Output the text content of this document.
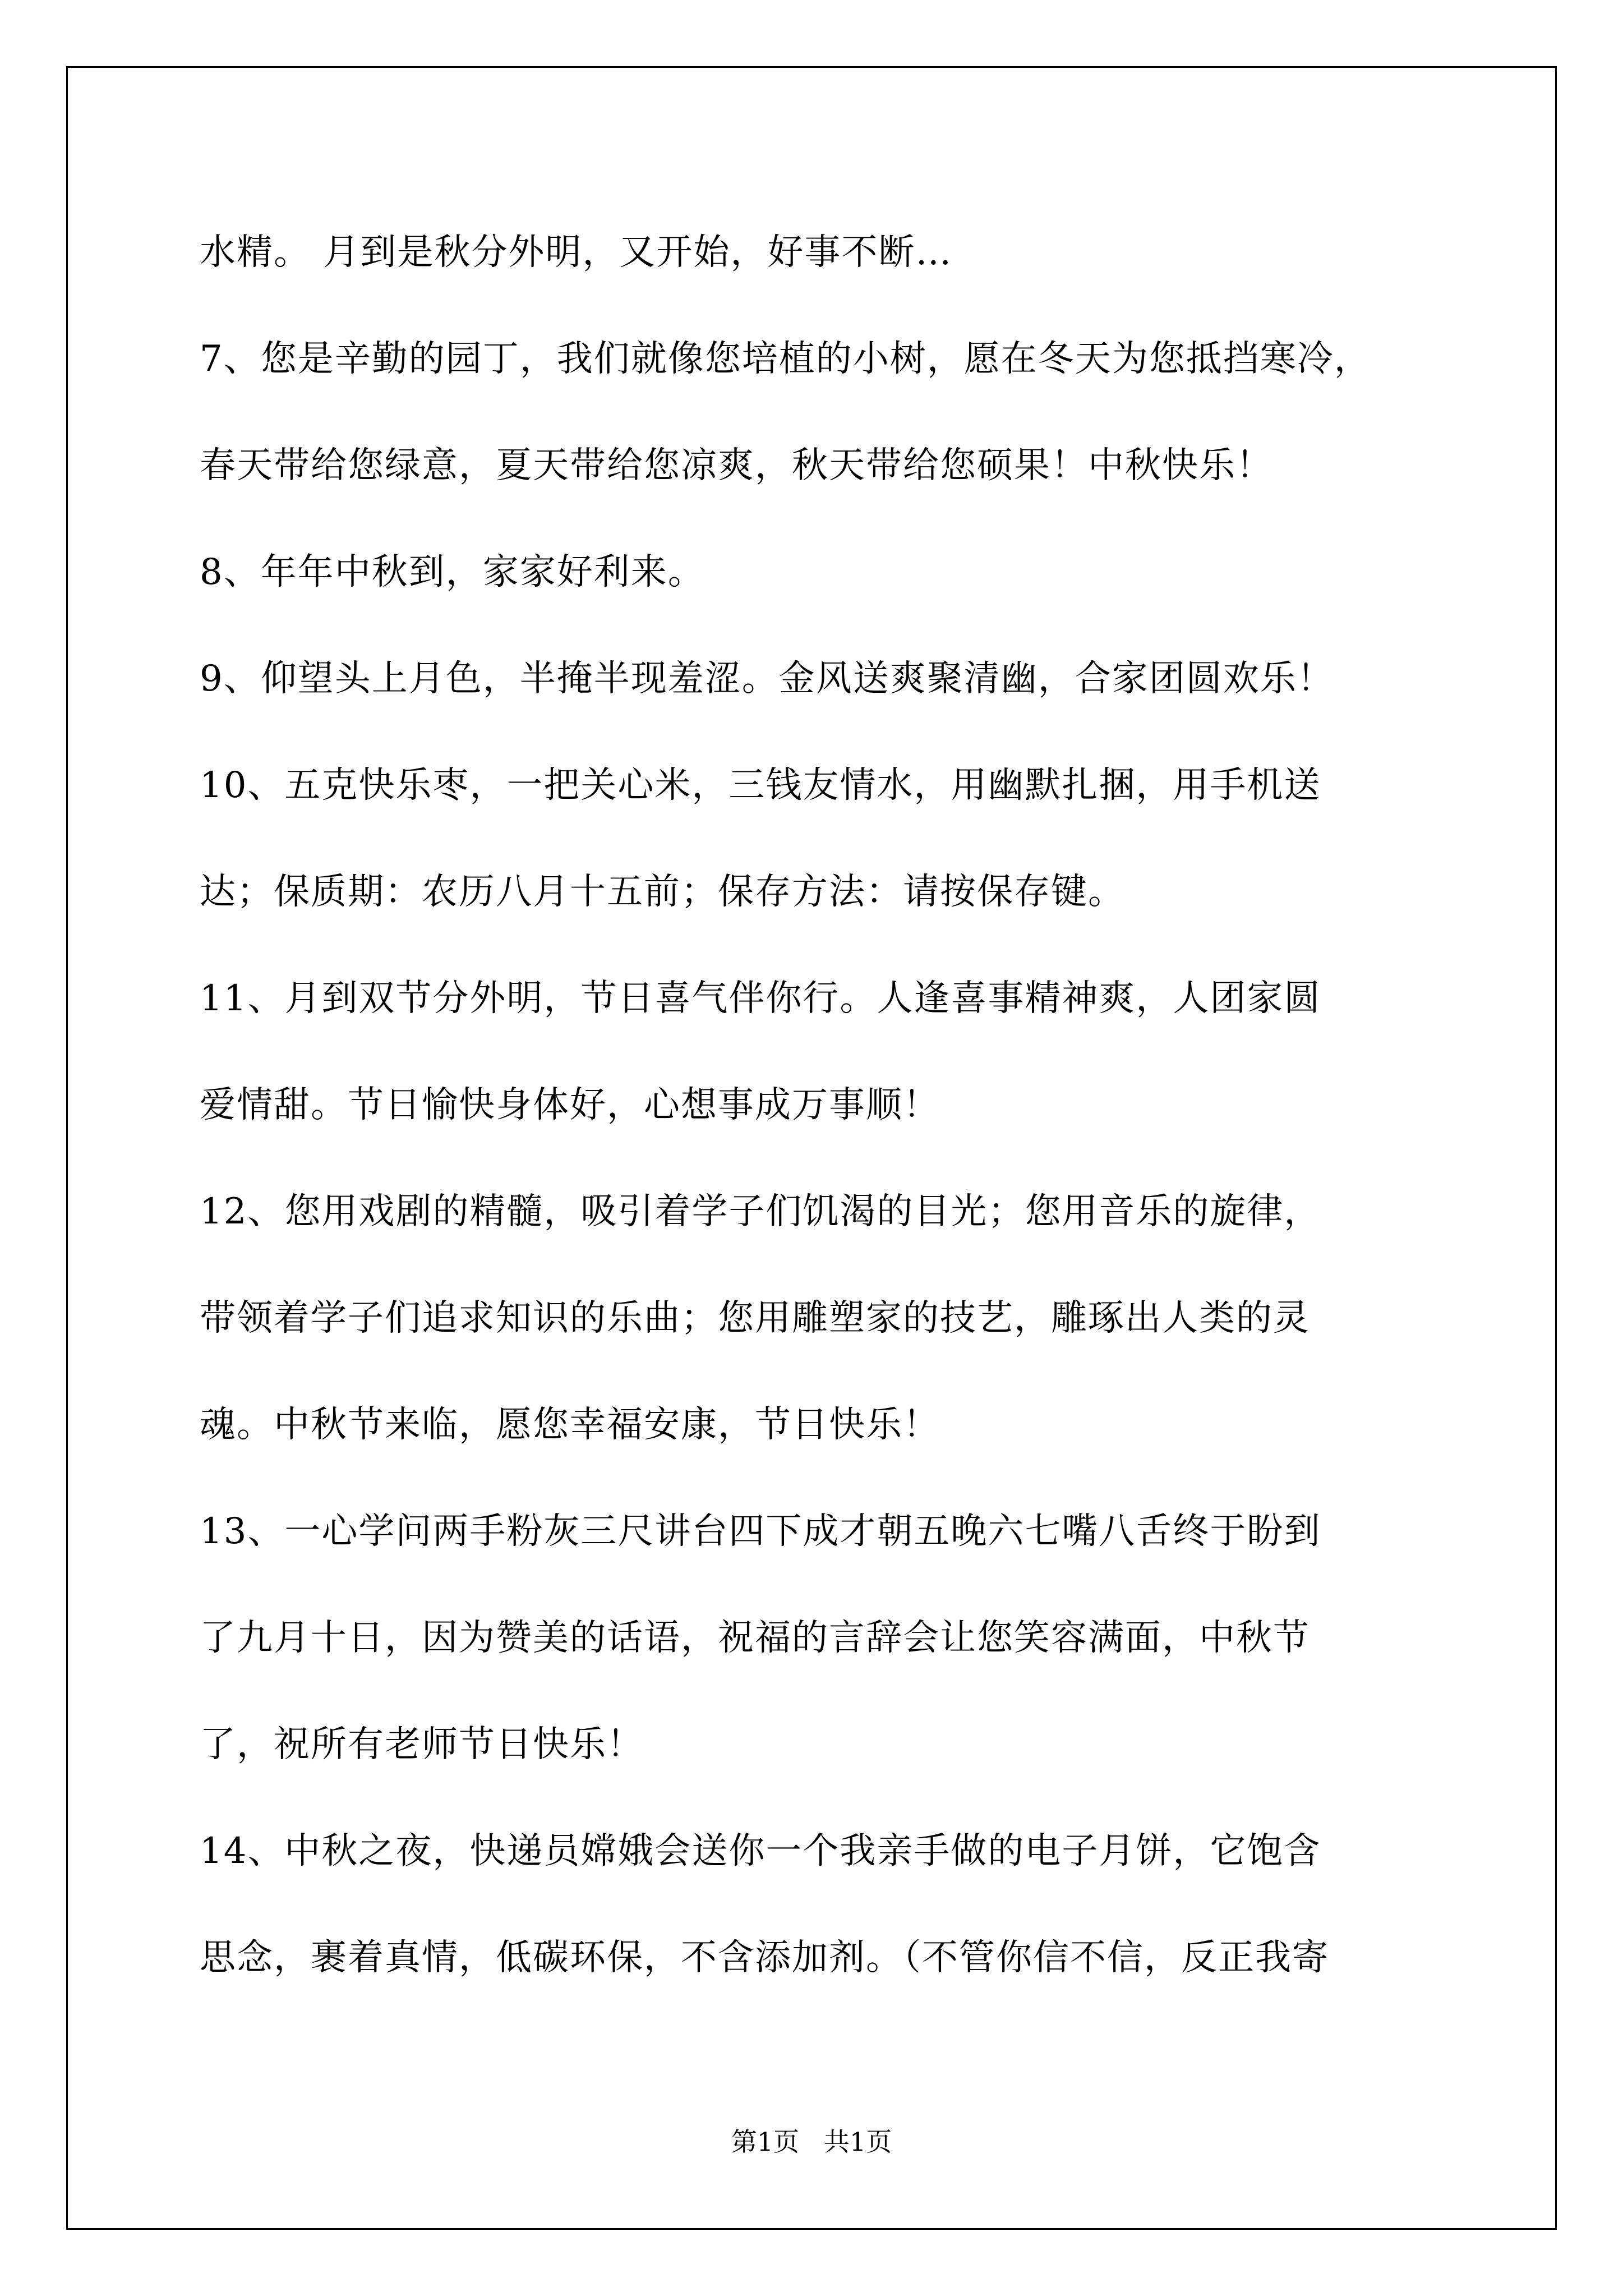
水精。 月到是秋分外明，又开始，好事不断…
7、您是辛勤的园丁，我们就像您培植的小树，愿在冬天为您抵挡寒冷，
春天带给您绿意，夏天带给您凉爽，秋天带给您硕果！中秋快乐！
8、年年中秋到，家家好利来。
9、仰望头上月色，半掩半现羞涩。金风送爽聚清幽，合家团圆欢乐！
10、五克快乐枣，一把关心米，三钱友情水，用幽默扎捆，用手机送
达；保质期：农历八月十五前；保存方法：请按保存键。
11、月到双节分外明，节日喜气伴你行。人逢喜事精神爽，人团家圆
爱情甜。节日愉快身体好，心想事成万事顺！
12、您用戏剧的精髓，吸引着学子们饥渴的目光；您用音乐的旋律，
带领着学子们追求知识的乐曲；您用雕塑家的技艺，雕琢出人类的灵
魂。中秋节来临，愿您幸福安康，节日快乐！
13、一心学问两手粉灰三尺讲台四下成才朝五晚六七嘴八舌终于盼到
了九月十日，因为赞美的话语，祝福的言辞会让您笑容满面，中秋节
了，祝所有老师节日快乐！
14、中秋之夜，快递员嫦娥会送你一个我亲手做的电子月饼，它饱含
思念，裹着真情，低碳环保，不含添加剂。（不管你信不信，反正我寄
第1页   共1页
